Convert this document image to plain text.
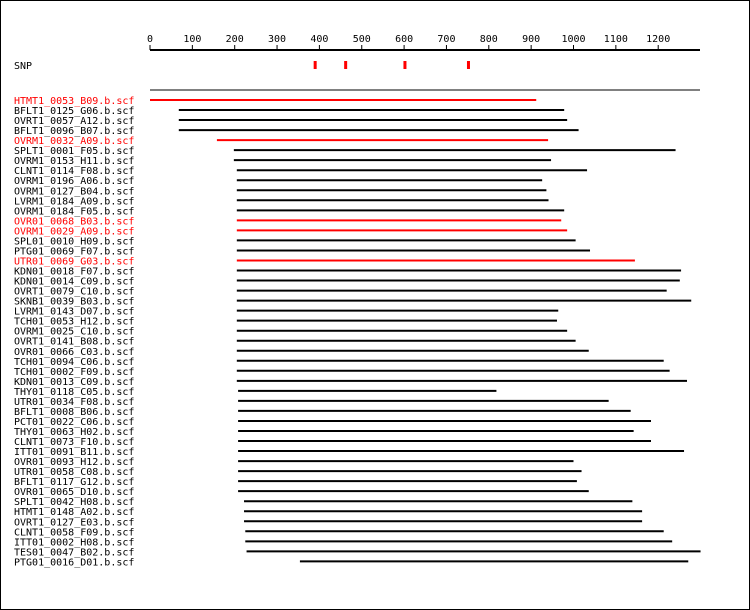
0	100 200 300 400 500 600 700 800 900 1000 1100 1200
SNP
HTMT1_0053_B09.b.scf
BFLT1_0125_G06.b.scf
OVRT1_0057_A12.b.scf
BFLT1_0096_B07.b.scf
OVRM1_0032_A09.b.scf
SPLT1_0001_F05.b.scf
OVRM1_0153_H11.b.scf
CLNT1_0114_F08.b.scf
OVRM1_0196_A06.b.scf
OVRM1_0127_B04.b.scf
LVRM1_0184_A09.b.scf
OVRM1_0184_F05.b.scf
OVR01_0068_B03.b.scf
OVRM1_0029_A09.b.scf
SPL01_0010_H09.b.scf
PTG01_0069_F07.b.scf
UTR01_0069_G03.b.scf
KDN01_0018_F07.b.scf
KDN01_0014_C09.b.scf
OVRT1_0079_C10.b.scf
SKNB1_0039_B03.b.scf
LVRM1_0143_D07.b.scf
TCH01_0053_H12.b.scf
OVRM1_0025_C10.b.scf
OVRT1_0141_B08.b.scf
OVR01_0066_C03.b.scf
TCH01_0094_C06.b.scf
TCH01_0002_F09.b.scf
KDN01_0013_C09.b.scf
THY01_0118_C05.b.scf
UTR01_0034_F08.b.scf
BFLT1_0008_B06.b.scf
PCT01_0022_C06.b.scf
THY01_0063_H02.b.scf
CLNT1_0073_F10.b.scf
ITT01_0091_B11.b.scf
OVR01_0093_H12.b.scf
UTR01_0058_C08.b.scf
BFLT1_0117_G12.b.scf
OVR01_0065_D10.b.scf
SPLT1_0042_H08.b.scf
HTMT1_0148_A02.b.scf
OVRT1_0127_E03.b.scf
CLNT1_0058_F09.b.scf
ITT01_0002_H08.b.scf
TES01_0047_B02.b.scf
PTG01_0016_D01.b.scf
